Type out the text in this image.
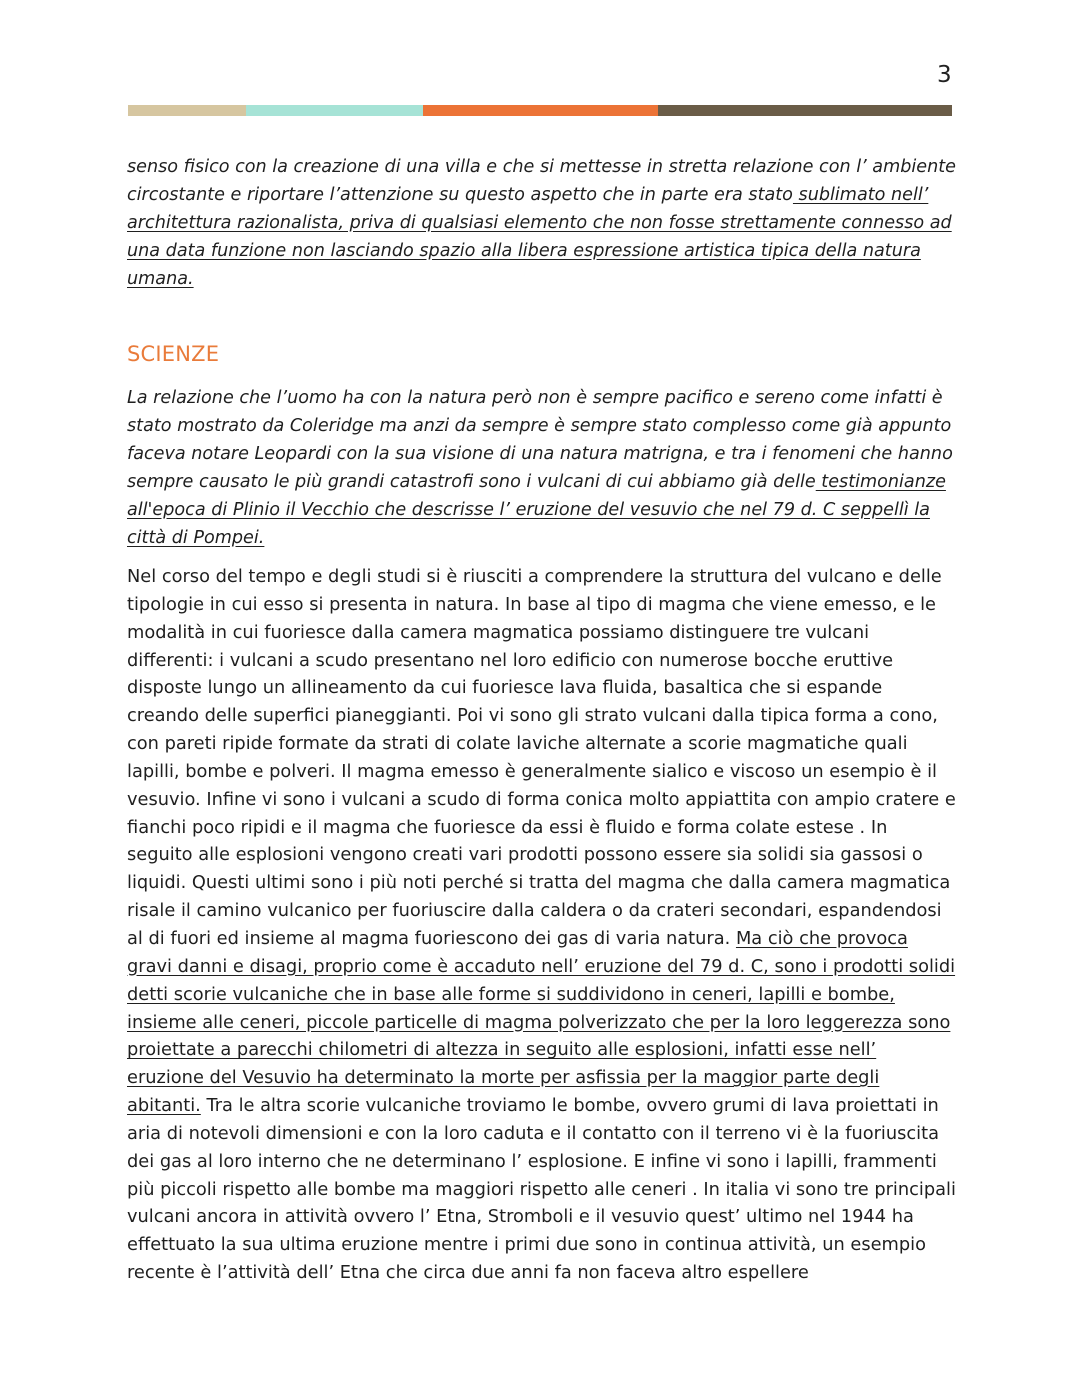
3

senso fisico con la creazione di una villa e che si mettesse in stretta relazione con l’ ambiente circostante e riportare l’attenzione su questo aspetto che in parte era stato sublimato nell’ architettura razionalista, priva di qualsiasi elemento che non fosse strettamente connesso ad una data funzione non lasciando spazio alla libera espressione artistica tipica della natura umana.

SCIENZE

La relazione che l’uomo ha con la natura però non è sempre pacifico e sereno come infatti è stato mostrato da Coleridge ma anzi da sempre è sempre stato complesso come già appunto faceva notare Leopardi con la sua visione di una natura matrigna, e tra i fenomeni che hanno sempre causato le più grandi catastrofi sono i vulcani di cui abbiamo già delle testimonianze all'epoca di Plinio il Vecchio che descrisse l’ eruzione del vesuvio che nel 79 d. C seppellì la città di Pompei.

Nel corso del tempo e degli studi si è riusciti a comprendere la struttura del vulcano e delle tipologie in cui esso si presenta in natura. In base al tipo di magma che viene emesso, e le modalità in cui fuoriesce dalla camera magmatica possiamo distinguere tre vulcani differenti: i vulcani a scudo presentano nel loro edificio con numerose bocche eruttive disposte lungo un allineamento da cui fuoriesce lava fluida, basaltica che si espande creando delle superfici pianeggianti. Poi vi sono gli strato vulcani dalla tipica forma a cono, con pareti ripide formate da strati di colate laviche alternate a scorie magmatiche quali lapilli, bombe e polveri. Il magma emesso è generalmente sialico e viscoso un esempio è il vesuvio. Infine vi sono i vulcani a scudo di forma conica molto appiattita con ampio cratere e fianchi poco ripidi e il magma che fuoriesce da essi è fluido e forma colate estese . In seguito alle esplosioni vengono creati vari prodotti possono essere sia solidi sia gassosi o liquidi. Questi ultimi sono i più noti perché si tratta del magma che dalla camera magmatica risale il camino vulcanico per fuoriuscire dalla caldera o da crateri secondari, espandendosi al di fuori ed insieme al magma fuoriescono dei gas di varia natura. Ma ciò che provoca gravi danni e disagi, proprio come è accaduto nell’ eruzione del 79 d. C, sono i prodotti solidi detti scorie vulcaniche che in base alle forme si suddividono in ceneri, lapilli e bombe, insieme alle ceneri, piccole particelle di magma polverizzato che per la loro leggerezza sono proiettate a parecchi chilometri di altezza in seguito alle esplosioni, infatti esse nell’ eruzione del Vesuvio ha determinato la morte per asfissia per la maggior parte degli abitanti. Tra le altra scorie vulcaniche troviamo le bombe, ovvero grumi di lava proiettati in aria di notevoli dimensioni e con la loro caduta e il contatto con il terreno vi è la fuoriuscita dei gas al loro interno che ne determinano l’ esplosione. E infine vi sono i lapilli, frammenti più piccoli rispetto alle bombe ma maggiori rispetto alle ceneri . In italia vi sono tre principali vulcani ancora in attività ovvero l’ Etna, Stromboli e il vesuvio quest’ ultimo nel 1944 ha effettuato la sua ultima eruzione mentre i primi due sono in continua attività, un esempio recente è l’attività dell’ Etna che circa due anni fa non faceva altro espellere
